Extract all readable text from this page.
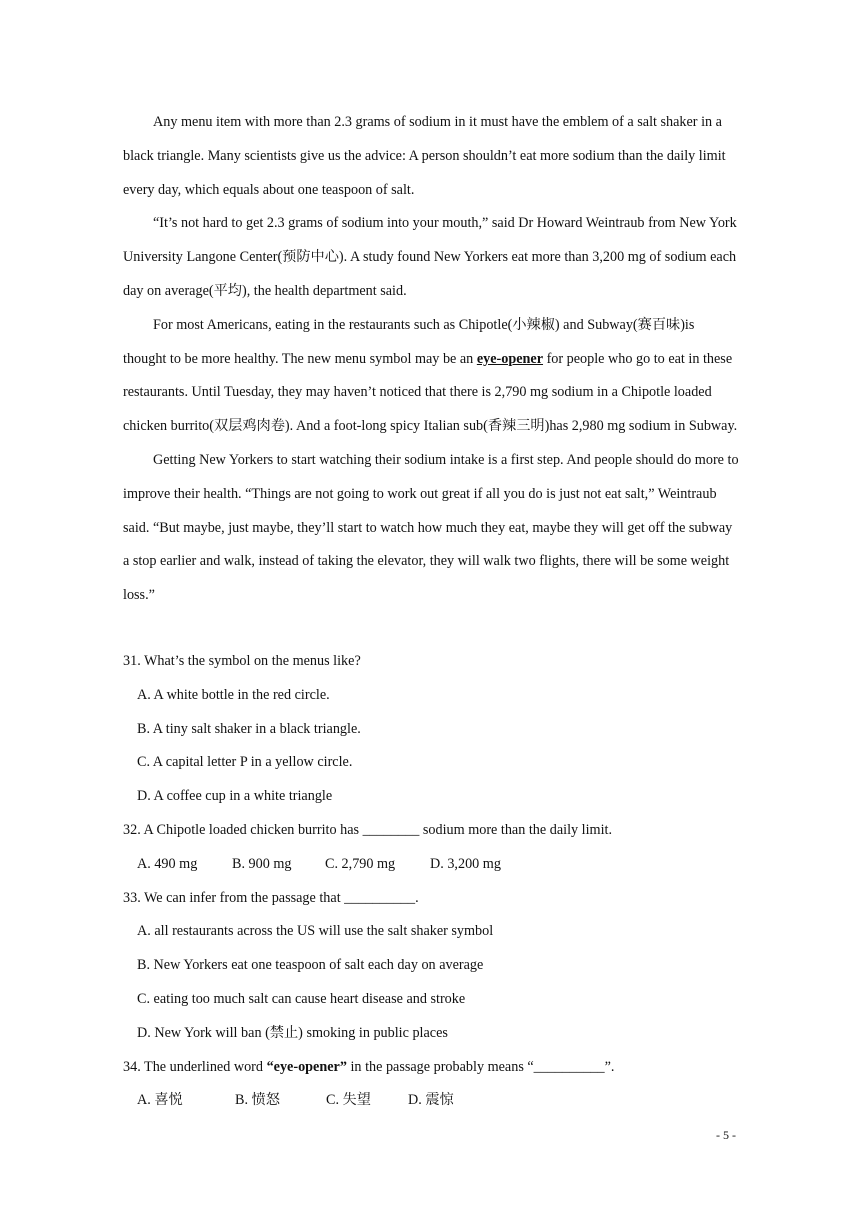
Any menu item with more than 2.3 grams of sodium in it must have the emblem of a salt shaker in a black triangle. Many scientists give us the advice: A person shouldn’t eat more sodium than the daily limit every day, which equals about one teaspoon of salt.

“It’s not hard to get 2.3 grams of sodium into your mouth,” said Dr Howard Weintraub from New York University Langone Center(预防中心). A study found New Yorkers eat more than 3,200 mg of sodium each day on average(平均), the health department said.

For most Americans, eating in the restaurants such as Chipotle(小辣椒) and Subway(赛百味)is thought to be more healthy. The new menu symbol may be an eye-opener for people who go to eat in these restaurants. Until Tuesday, they may haven’t noticed that there is 2,790 mg sodium in a Chipotle loaded chicken burrito(双层鸡肉卷). And a foot-long spicy Italian sub(香辣三明)has 2,980 mg sodium in Subway.

Getting New Yorkers to start watching their sodium intake is a first step. And people should do more to improve their health. “Things are not going to work out great if all you do is just not eat salt,” Weintraub said. “But maybe, just maybe, they’ll start to watch how much they eat, maybe they will get off the subway a stop earlier and walk, instead of taking the elevator, they will walk two flights, there will be some weight loss.”

31. What’s the symbol on the menus like?
A. A white bottle in the red circle.
B. A tiny salt shaker in a black triangle.
C. A capital letter P in a yellow circle.
D. A coffee cup in a white triangle
32. A Chipotle loaded chicken burrito has ________ sodium more than the daily limit.
A. 490 mg B. 900 mg C. 2,790 mg D. 3,200 mg
33. We can infer from the passage that __________.
A. all restaurants across the US will use the salt shaker symbol
B. New Yorkers eat one teaspoon of salt each day on average
C. eating too much salt can cause heart disease and stroke
D. New York will ban (禁止) smoking in public places
34. The underlined word “eye-opener” in the passage probably means “__________”.
A. 喜悦	B. 愤怒	C. 失望	D. 震惊
- 5 -
